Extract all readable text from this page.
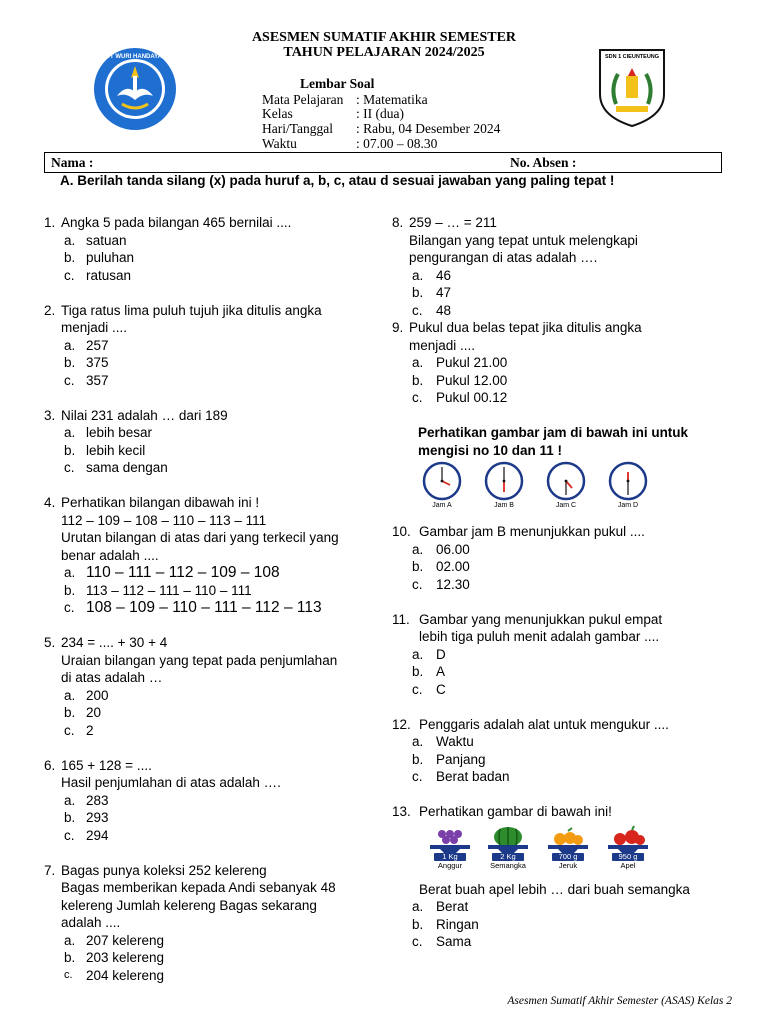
ASESMEN SUMATIF AKHIR SEMESTER
TAHUN PELAJARAN 2024/2025
TUT WURI HANDAYANI	SDN 1 CIEUNTEUNG
Lembar Soal
Mata Pelajaran : Matematika
Kelas	: II (dua)
Hari/Tanggal : Rabu, 04 Desember 2024
Waktu	: 07.00 – 08.30
Nama :	No. Absen :
A. Berilah tanda silang (x) pada huruf a, b, c, atau d sesuai jawaban yang paling tepat !
1. Angka 5 pada bilangan 465 bernilai ....
a. satuan
b. puluhan
c. ratusan
2. Tiga ratus lima puluh tujuh jika ditulis angka
menjadi ....
a. 257
b. 375
c. 357
3. Nilai 231 adalah … dari 189
a. lebih besar
b. lebih kecil
c. sama dengan
4. Perhatikan bilangan dibawah ini !
112 – 109 – 108 – 110 – 113 – 111
Urutan bilangan di atas dari yang terkecil yang
benar adalah ....
a. 110 – 111 – 112 – 109 – 108
b. 113 – 112 – 111 – 110 – 111
c. 108 – 109 – 110 – 111 – 112 – 113
5. 234 = .... + 30 + 4
Uraian bilangan yang tepat pada penjumlahan
di atas adalah …
a. 200
b. 20
c. 2
6. 165 + 128 = ....
Hasil penjumlahan di atas adalah ….
a. 283
b. 293
c. 294
7. Bagas punya koleksi 252 kelereng
Bagas memberikan kepada Andi sebanyak 48
kelereng Jumlah kelereng Bagas sekarang
adalah ....
a. 207 kelereng
b. 203 kelereng
c. 204 kelereng
8. 259 – … = 211
Bilangan yang tepat untuk melengkapi
pengurangan di atas adalah ….
a. 46
b. 47
c. 48
9. Pukul dua belas tepat jika ditulis angka
menjadi ....
a. Pukul 21.00
b. Pukul 12.00
c. Pukul 00.12
Perhatikan gambar jam di bawah ini untuk
mengisi no 10 dan 11 !
Jam A	Jam B	Jam C	Jam D
10. Gambar jam B menunjukkan pukul ....
a. 06.00
b. 02.00
c. 12.30
11. Gambar yang menunjukkan pukul empat
lebih tiga puluh menit adalah gambar ....
a. D
b. A
c. C
12. Penggaris adalah alat untuk mengukur ....
a. Waktu
b. Panjang
c. Berat badan
13. Perhatikan gambar di bawah ini!
1 Kg
Anggur
2 Kg
Semangka
700 g
Jeruk
950 g
Apel
Berat buah apel lebih … dari buah semangka
a. Berat
b. Ringan
c. Sama
Asesmen Sumatif Akhir Semester (ASAS) Kelas 2
